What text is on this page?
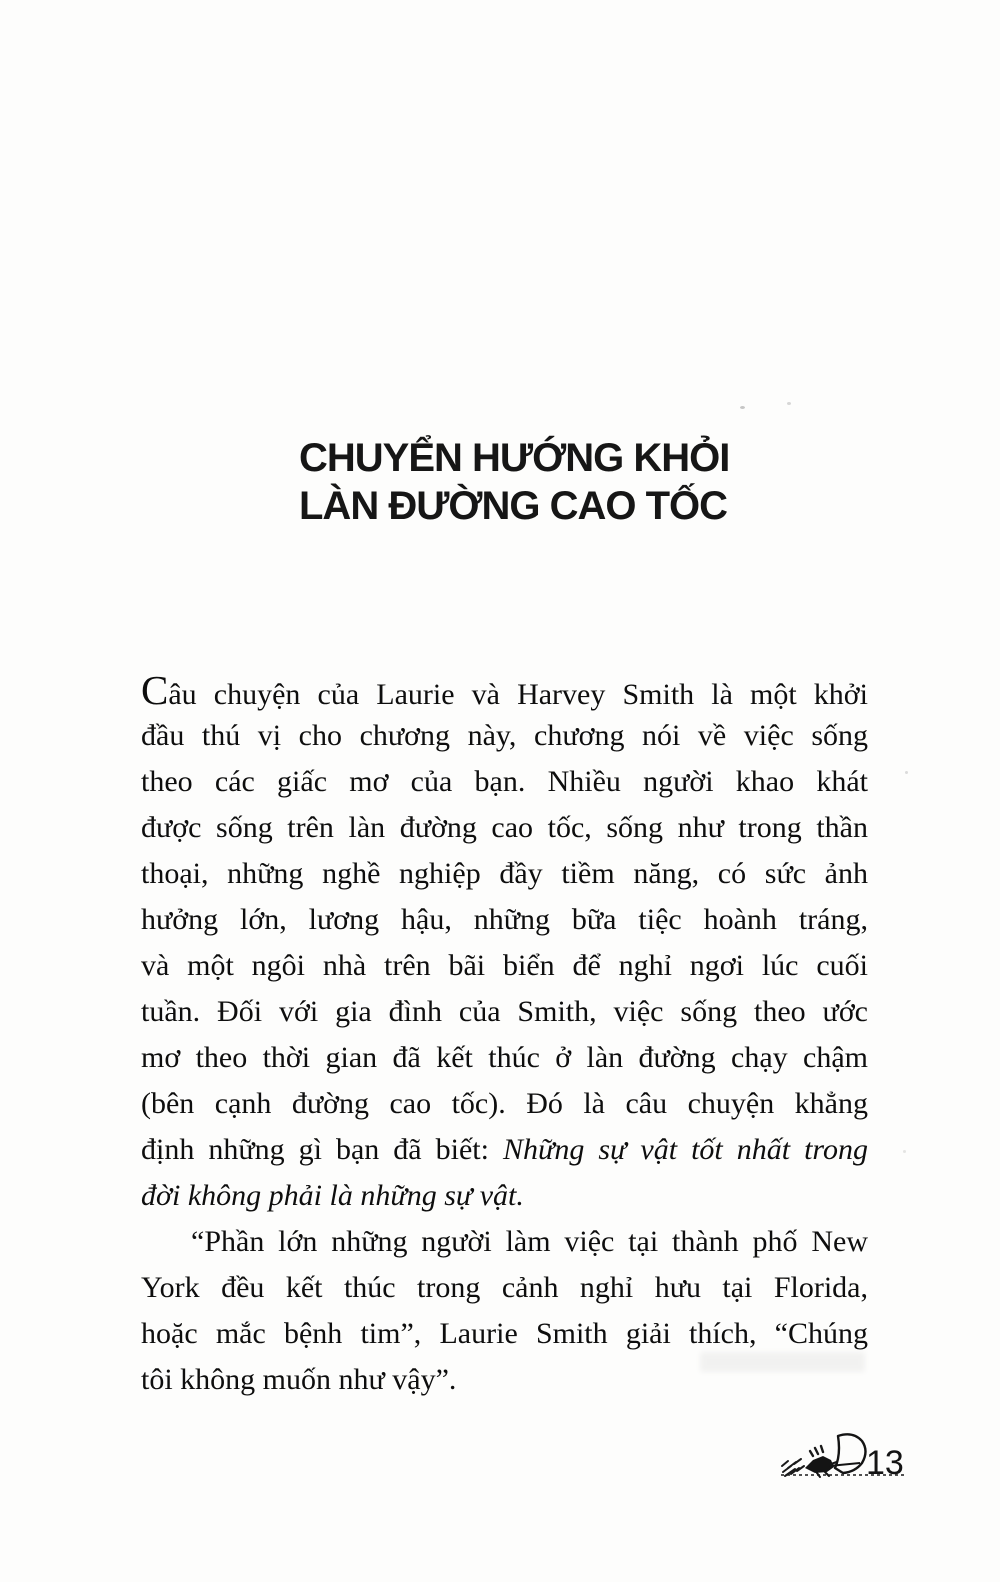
CHUYỂN HƯỚNG KHỎI
LÀN ĐƯỜNG CAO TỐC
Câu chuyện của Laurie và Harvey Smith là một khởi
đầu thú vị cho chương này, chương nói về việc sống
theo các giấc mơ của bạn. Nhiều người khao khát
được sống trên làn đường cao tốc, sống như trong thần
thoại, những nghề nghiệp đầy tiềm năng, có sức ảnh
hưởng lớn, lương hậu, những bữa tiệc hoành tráng,
và một ngôi nhà trên bãi biển để nghỉ ngơi lúc cuối
tuần. Đối với gia đình của Smith, việc sống theo ước
mơ theo thời gian đã kết thúc ở làn đường chạy chậm
(bên cạnh đường cao tốc). Đó là câu chuyện khẳng
định những gì bạn đã biết: Những sự vật tốt nhất trong
đời không phải là những sự vật.
“Phần lớn những người làm việc tại thành phố New
York đều kết thúc trong cảnh nghỉ hưu tại Florida,
hoặc mắc bệnh tim”, Laurie Smith giải thích, “Chúng
tôi không muốn như vậy”.
13
